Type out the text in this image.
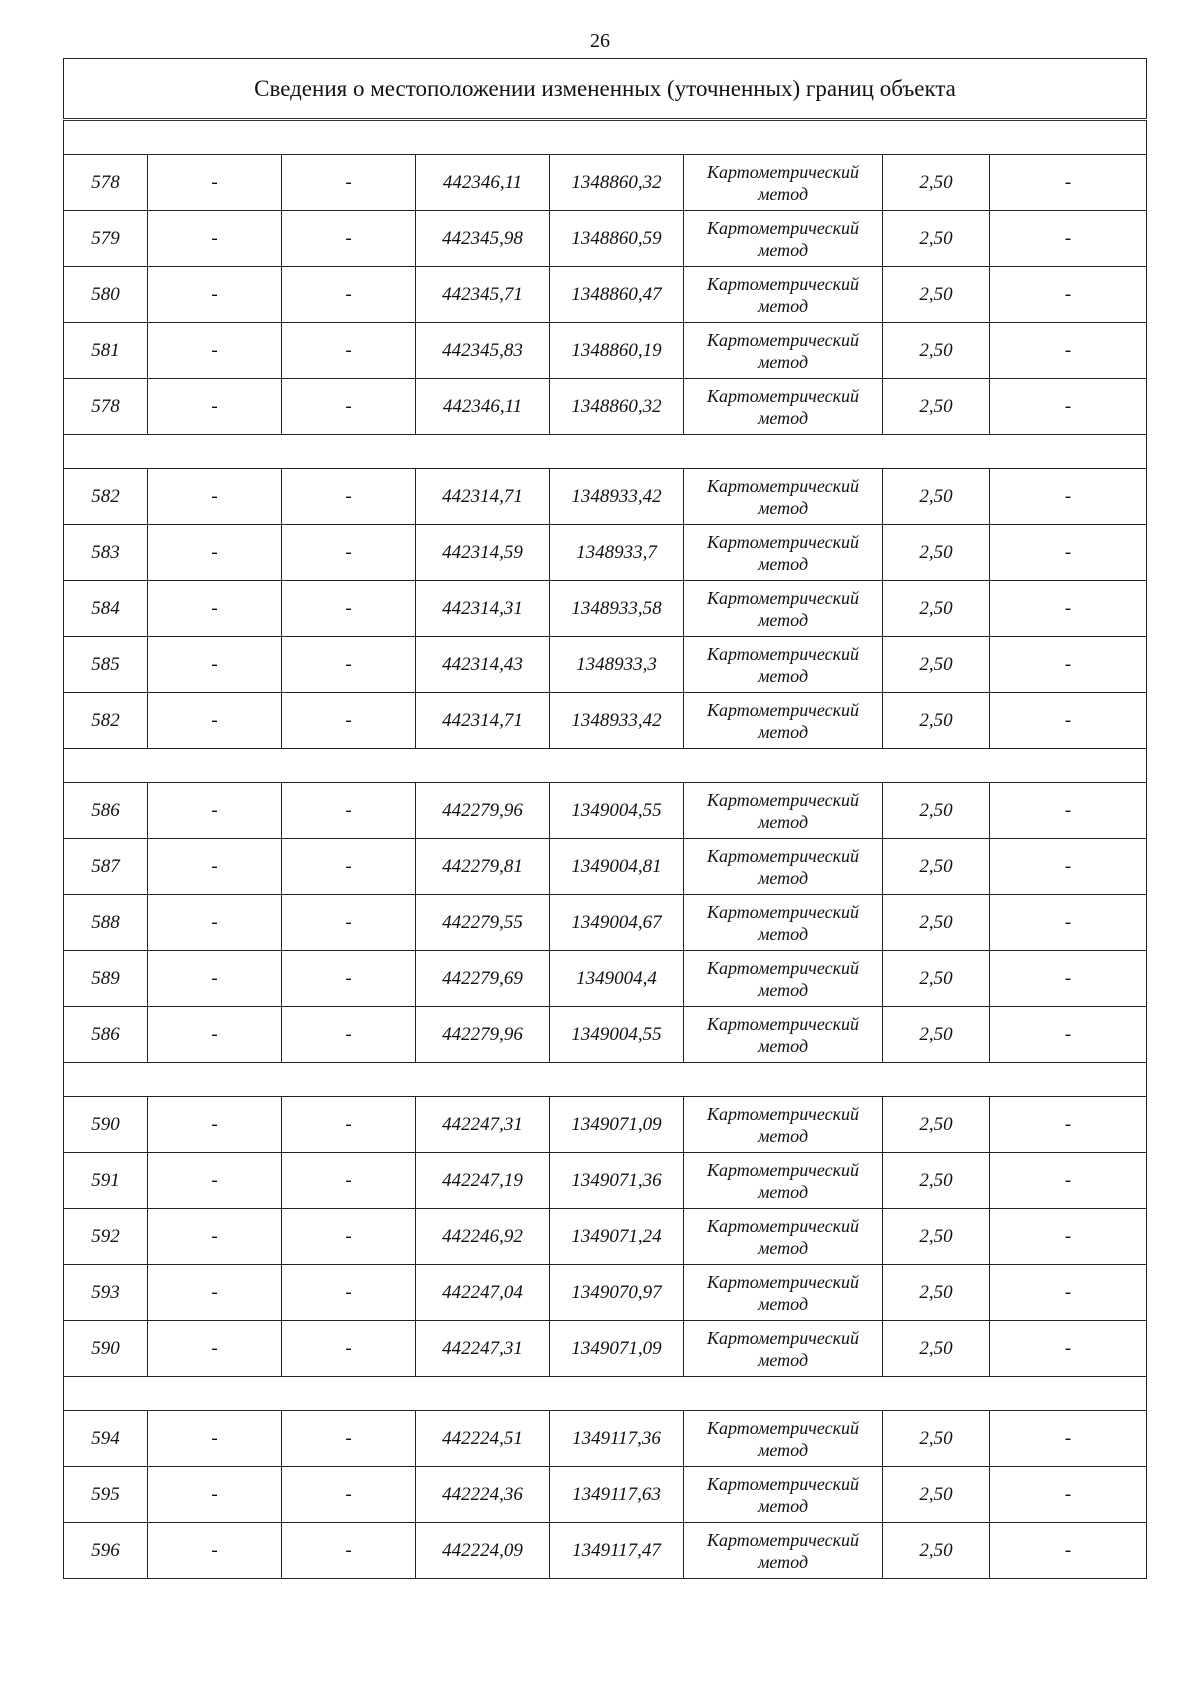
26
Сведения о местоположении измененных (уточненных) границ объекта							

578	-	-	442346,11	1348860,32	Картометрический
метод	2,50	-
579	-	-	442345,98	1348860,59	Картометрический
метод	2,50	-
580	-	-	442345,71	1348860,47	Картометрический
метод	2,50	-
581	-	-	442345,83	1348860,19	Картометрический
метод	2,50	-
578	-	-	442346,11	1348860,32	Картометрический
метод	2,50	-

582	-	-	442314,71	1348933,42	Картометрический
метод	2,50	-
583	-	-	442314,59	1348933,7	Картометрический
метод	2,50	-
584	-	-	442314,31	1348933,58	Картометрический
метод	2,50	-
585	-	-	442314,43	1348933,3	Картометрический
метод	2,50	-
582	-	-	442314,71	1348933,42	Картометрический
метод	2,50	-

586	-	-	442279,96	1349004,55	Картометрический
метод	2,50	-
587	-	-	442279,81	1349004,81	Картометрический
метод	2,50	-
588	-	-	442279,55	1349004,67	Картометрический
метод	2,50	-
589	-	-	442279,69	1349004,4	Картометрический
метод	2,50	-
586	-	-	442279,96	1349004,55	Картометрический
метод	2,50	-

590	-	-	442247,31	1349071,09	Картометрический
метод	2,50	-
591	-	-	442247,19	1349071,36	Картометрический
метод	2,50	-
592	-	-	442246,92	1349071,24	Картометрический
метод	2,50	-
593	-	-	442247,04	1349070,97	Картометрический
метод	2,50	-
590	-	-	442247,31	1349071,09	Картометрический
метод	2,50	-

594	-	-	442224,51	1349117,36	Картометрический
метод	2,50	-
595	-	-	442224,36	1349117,63	Картометрический
метод	2,50	-
596	-	-	442224,09	1349117,47	Картометрический
метод	2,50	-
